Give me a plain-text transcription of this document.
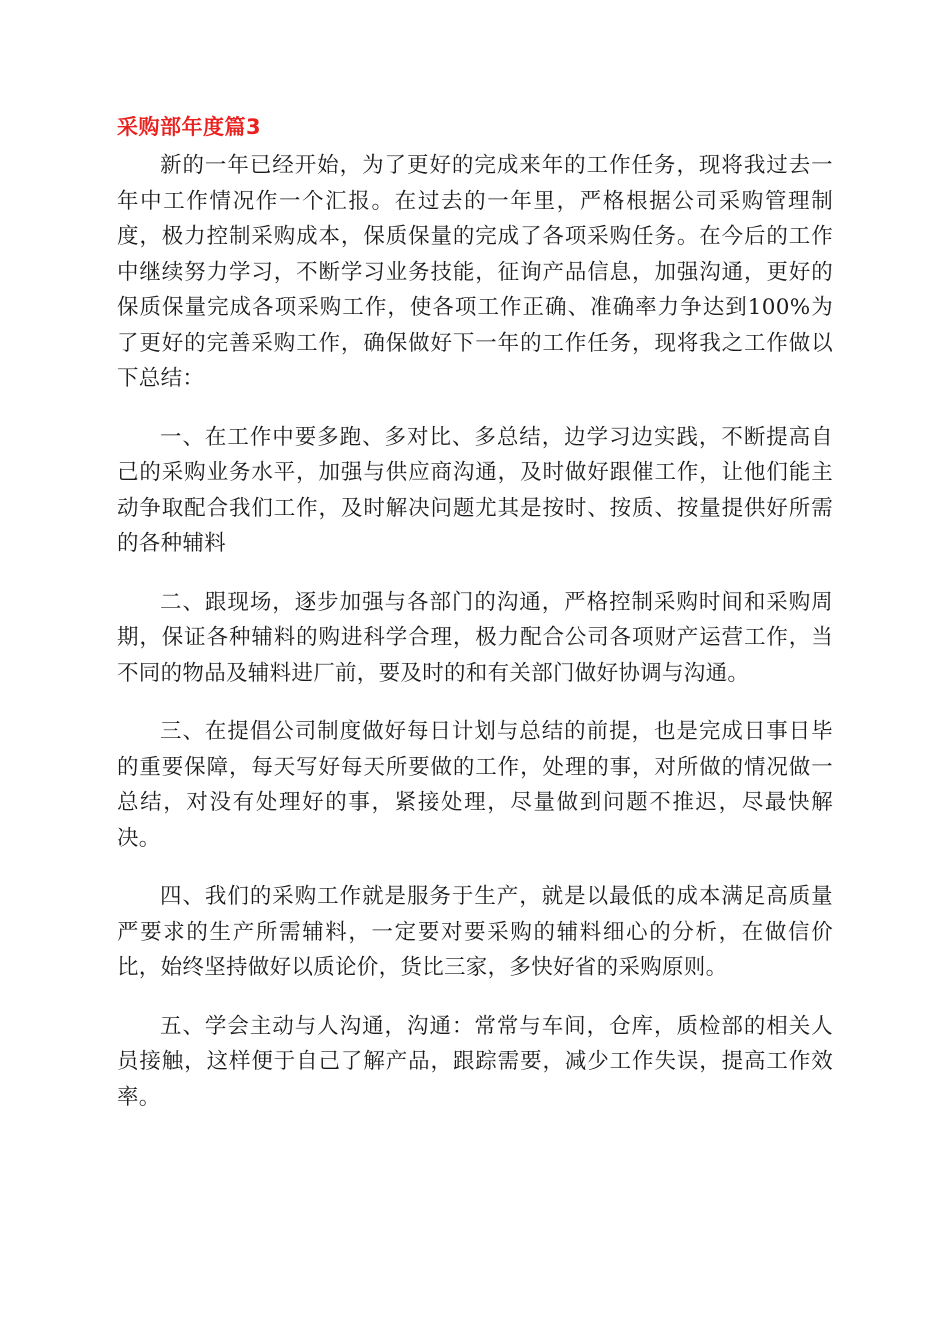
采购部年度篇3

新的一年已经开始，为了更好的完成来年的工作任务，现将我过去一年中工作情况作一个汇报。在过去的一年里，严格根据公司采购管理制度，极力控制采购成本，保质保量的完成了各项采购任务。在今后的工作中继续努力学习，不断学习业务技能，征询产品信息，加强沟通，更好的保质保量完成各项采购工作，使各项工作正确、准确率力争达到100%为了更好的完善采购工作，确保做好下一年的工作任务，现将我之工作做以下总结：

一、在工作中要多跑、多对比、多总结，边学习边实践，不断提高自己的采购业务水平，加强与供应商沟通，及时做好跟催工作，让他们能主动争取配合我们工作，及时解决问题尤其是按时、按质、按量提供好所需的各种辅料

二、跟现场，逐步加强与各部门的沟通，严格控制采购时间和采购周期，保证各种辅料的购进科学合理，极力配合公司各项财产运营工作，当不同的物品及辅料进厂前，要及时的和有关部门做好协调与沟通。

三、在提倡公司制度做好每日计划与总结的前提，也是完成日事日毕的重要保障，每天写好每天所要做的工作，处理的事，对所做的情况做一总结，对没有处理好的事，紧接处理，尽量做到问题不推迟，尽最快解决。

四、我们的采购工作就是服务于生产，就是以最低的成本满足高质量严要求的生产所需辅料，一定要对要采购的辅料细心的分析，在做信价比，始终坚持做好以质论价，货比三家，多快好省的采购原则。

五、学会主动与人沟通，沟通：常常与车间，仓库，质检部的相关人员接触，这样便于自己了解产品，跟踪需要，减少工作失误，提高工作效率。
